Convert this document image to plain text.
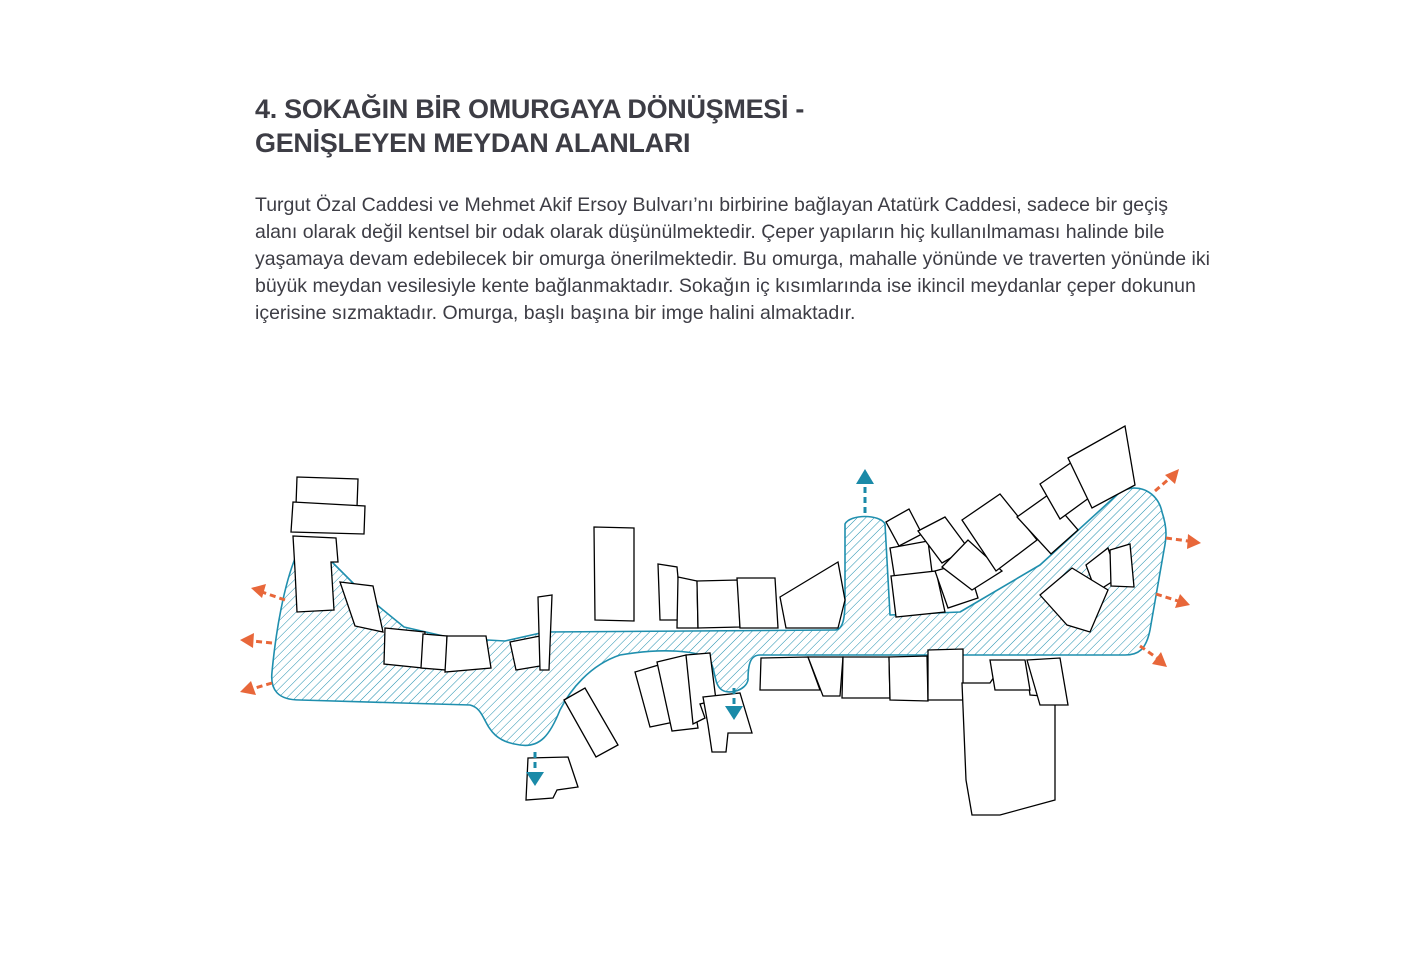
4. SOKAĞIN BİR OMURGAYA DÖNÜŞMESİ -
GENİŞLEYEN MEYDAN ALANLARI

Turgut Özal Caddesi ve Mehmet Akif Ersoy Bulvarı’nı birbirine bağlayan Atatürk Caddesi, sadece bir geçiş alanı olarak değil kentsel bir odak olarak düşünülmektedir. Çeper yapıların hiç kullanılmaması halinde bile yaşamaya devam edebilecek bir omurga önerilmektedir. Bu omurga, mahalle yönünde ve traverten yönünde iki büyük meydan vesilesiyle kente bağlanmaktadır. Sokağın iç kısımlarında ise ikincil meydanlar çeper dokunun içerisine sızmaktadır. Omurga, başlı başına bir imge halini almaktadır.
